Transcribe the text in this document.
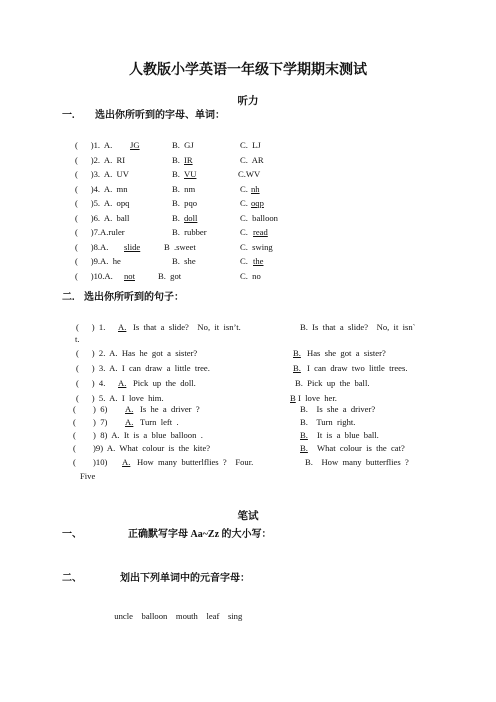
人教版小学英语一年级下学期期末测试
听力
一. 选出你所听到的字母、单词：
(      )1.  A. JG	B.  GJ	C.  LJ
(      )2.  A.  RI	B. IR	C.  AR
(      )3.  A.  UV	B. VU	C.WV
(      )4.  A.  mn	B.  nm	C. nh
(      )5.  A.  opq	B.  pqo	C. oqp
(      )6.  A.  ball	B. doll	C.  balloon
(      )7.A.ruler	B.  rubber	C. read
(      )8.A. slide	B  .sweet	C.  swing
(      )9.A.  he	B.  she	C. the
(      )10.A. not	B.  got	C.  no
二. 选出你所听到的句子：
(      )  1. A. Is  that  a  slide?    No,  it  isn’t.	B.  Is  that  a  slide?    No,  it  isn`
t.
(      )  2.  A.  Has  he  got  a  sister?	B. Has  she  got  a  sister?
(      )  3.  A.  I  can  draw  a  little  tree.	B. I  can  draw  two  little  trees.
(      )  4. A. Pick  up  the  doll.	B.  Pick  up  the  ball.
(      )  5.  A.  I  love  him.	B I  love  her.
(        )  6) A. Is  he  a  driver  ?	B.    Is  she  a  driver?
(        )  7) A. Turn  left  .	B.    Turn  right.
(        )  8)  A.  It  is  a  blue  balloon  .	B. It  is  a  blue  ball.
(        )9)  A.  What  colour  is  the  kite?	B. What  colour  is  the  cat?
(        )10) A. How  many  butterlflies  ?    Four.	B.    How  many  butterflies  ?
Five
笔试
一、	正确默写字母 Aa~Zz 的大小写：
二、	划出下列单词中的元音字母：

uncle balloon mouth leaf sing
